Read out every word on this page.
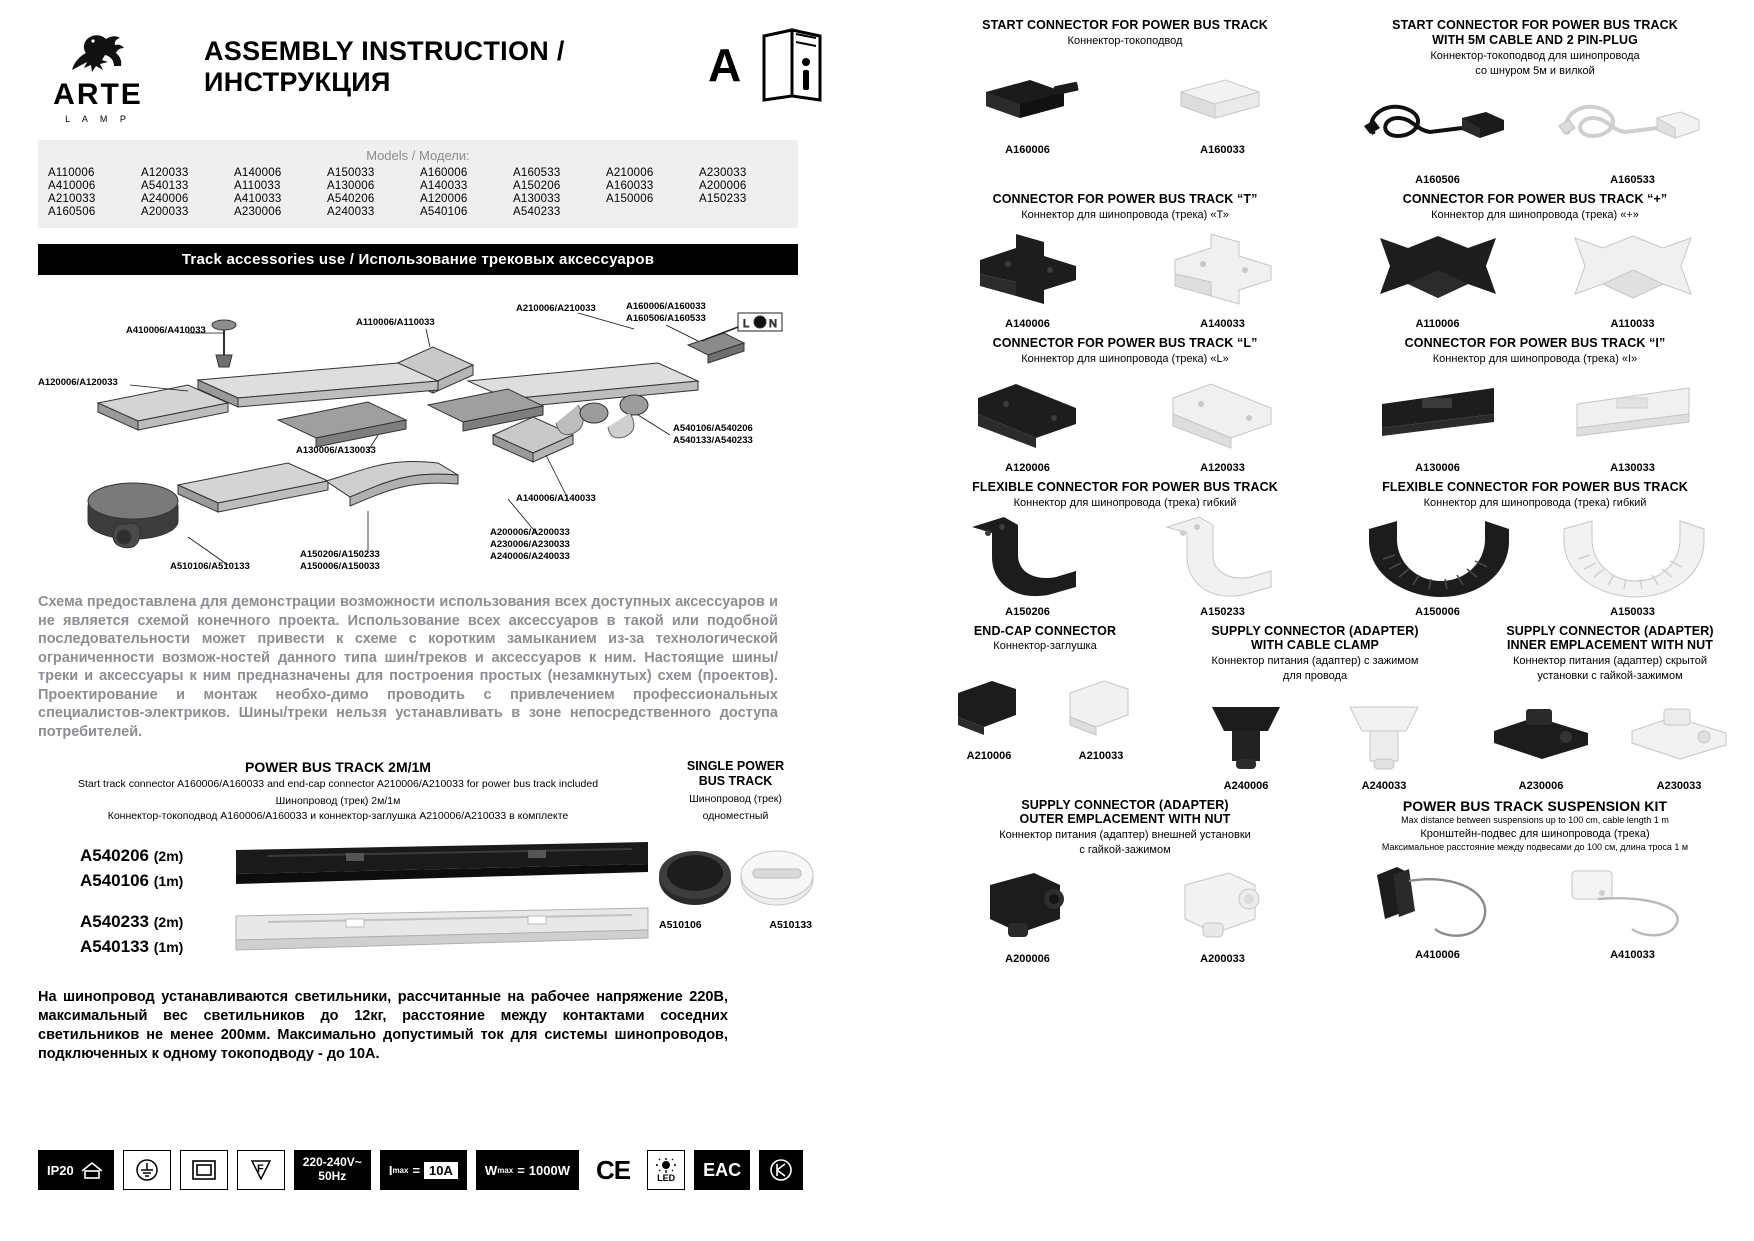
ARTE
L A M P
ASSEMBLY INSTRUCTION / ИНСТРУКЦИЯ	A
Models / Модели:
A110006	A120033	A140006	A150033	A160006	A160533	A210006	A230033
A410006	A540133	A110033	A130006	A140033	A150206	A160033	A200006
A210033	A240006	A410033	A540206	A120006	A130033	A150006	A150233
A160506	A200033	A230006	A240033	A540106	A540233
Track accessories use / Использование трековых аксессуаров
L N
A410006/A410033
A120006/A120033
A110006/A110033
A210006/A210033	A160006/A160033
A160506/A160533
A130006/A130033
A540106/A540206
A540133/A540233
A140006/A140033
A200006/A200033
A230006/A230033
A240006/A240033
A510106/A510133
A150206/A150233
A150006/A150033
Схема предоставлена для демонстрации возможности использования всех доступных аксессуаров и не является схемой конечного проекта. Использование всех аксессуаров в такой или подобной последовательности может привести к схеме с коротким замыканием из-за технологической ограниченности возмож-ностей данного типа шин/треков и аксессуаров к ним. Настоящие шины/треки и аксессуары к ним предназначены для построения простых (незамкнутых) схем (проектов). Проектирование и монтаж необхо-димо проводить с привлечением профессиональных специалистов-электриков. Шины/треки нельзя устанавливать в зоне непосредственного доступа потребителей.
POWER BUS TRACK 2M/1M
Start track connector A160006/A160033 and end-cap connector A210006/A210033 for power bus track included
Шинопровод (трек) 2м/1м
Коннектор-токоподвод A160006/A160033 и коннектор-заглушка A210006/A210033 в комплекте
A540206 (2m)
A540106 (1m)
A540233 (2m)
A540133 (1m)
SINGLE POWER
BUS TRACK
Шинопровод (трек)
одноместный
A510106	A510133
На шинопровод устанавливаются светильники, рассчитанные на рабочее напряжение 220В, максимальный вес светильников до 12кг, расстояние между контактами соседних светильников не менее 200мм. Максимально допустимый ток для системы шинопроводов, подключенных к одному токоподводу - до 10А.
IP20	F	220-240V~
50Hz	I max = 10A	W max = 1000W CE	LED EAC
START CONNECTOR FOR POWER BUS TRACK
Коннектор-токоподвод
A160006	A160033
START CONNECTOR FOR POWER BUS TRACK
WITH 5M CABLE AND 2 PIN-PLUG
Коннектор-токоподвод для шинопровода
со шнуром 5м и вилкой
A160506	A160533
CONNECTOR FOR POWER BUS TRACK “T”
Коннектор для шинопровода (трека) «Т»
A140006	A140033
CONNECTOR FOR POWER BUS TRACK “+”
Коннектор для шинопровода (трека) «+»
A110006	A110033
CONNECTOR FOR POWER BUS TRACK “L”
Коннектор для шинопровода (трека) «L»
A120006	A120033
CONNECTOR FOR POWER BUS TRACK “I”
Коннектор для шинопровода (трека) «I»
A130006	A130033
FLEXIBLE CONNECTOR FOR POWER BUS TRACK
Коннектор для шинопровода (трека) гибкий
A150206	A150233
FLEXIBLE CONNECTOR FOR POWER BUS TRACK
Коннектор для шинопровода (трека) гибкий
A150006	A150033
END-CAP CONNECTOR
Коннектор-заглушка
A210006	A210033
SUPPLY CONNECTOR (ADAPTER)
WITH CABLE CLAMP
Коннектор питания (адаптер) с зажимом
для провода
A240006	A240033
SUPPLY CONNECTOR (ADAPTER)
INNER EMPLACEMENT WITH NUT
Коннектор питания (адаптер) скрытой
установки с гайкой-зажимом
A230006	A230033
SUPPLY CONNECTOR (ADAPTER)
OUTER EMPLACEMENT WITH NUT
Коннектор питания (адаптер) внешней установки
с гайкой-зажимом
A200006	A200033
POWER BUS TRACK SUSPENSION KIT
Max distance between suspensions up to 100 cm, cable length 1 m
Кронштейн-подвес для шинопровода (трека)
Максимальное расстояние между подвесами до 100 см, длина троса 1 м
A410006	A410033
